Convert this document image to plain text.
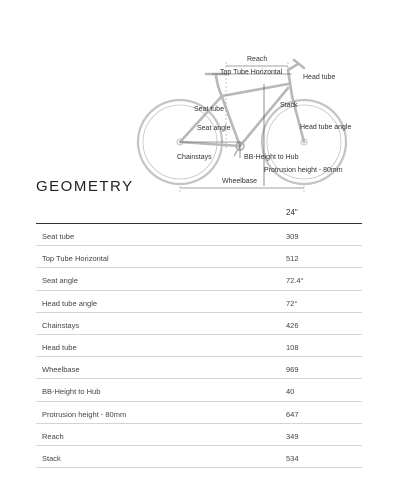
Reach
Top Tube Horizontal
Head tube
Stack
Seat tube
Seat angle	Head tube angle
Chainstays	BB-Height to Hub
Protrusion height - 80mm
Wheelbase
GEOMETRY
24"
Seat tube	309
Top Tube Horizontal	512
Seat angle	72.4°
Head tube angle	72°
Chainstays	426
Head tube	108
Wheelbase	969
BB-Height to Hub	40
Protrusion height - 80mm	647
Reach	349
Stack	534
